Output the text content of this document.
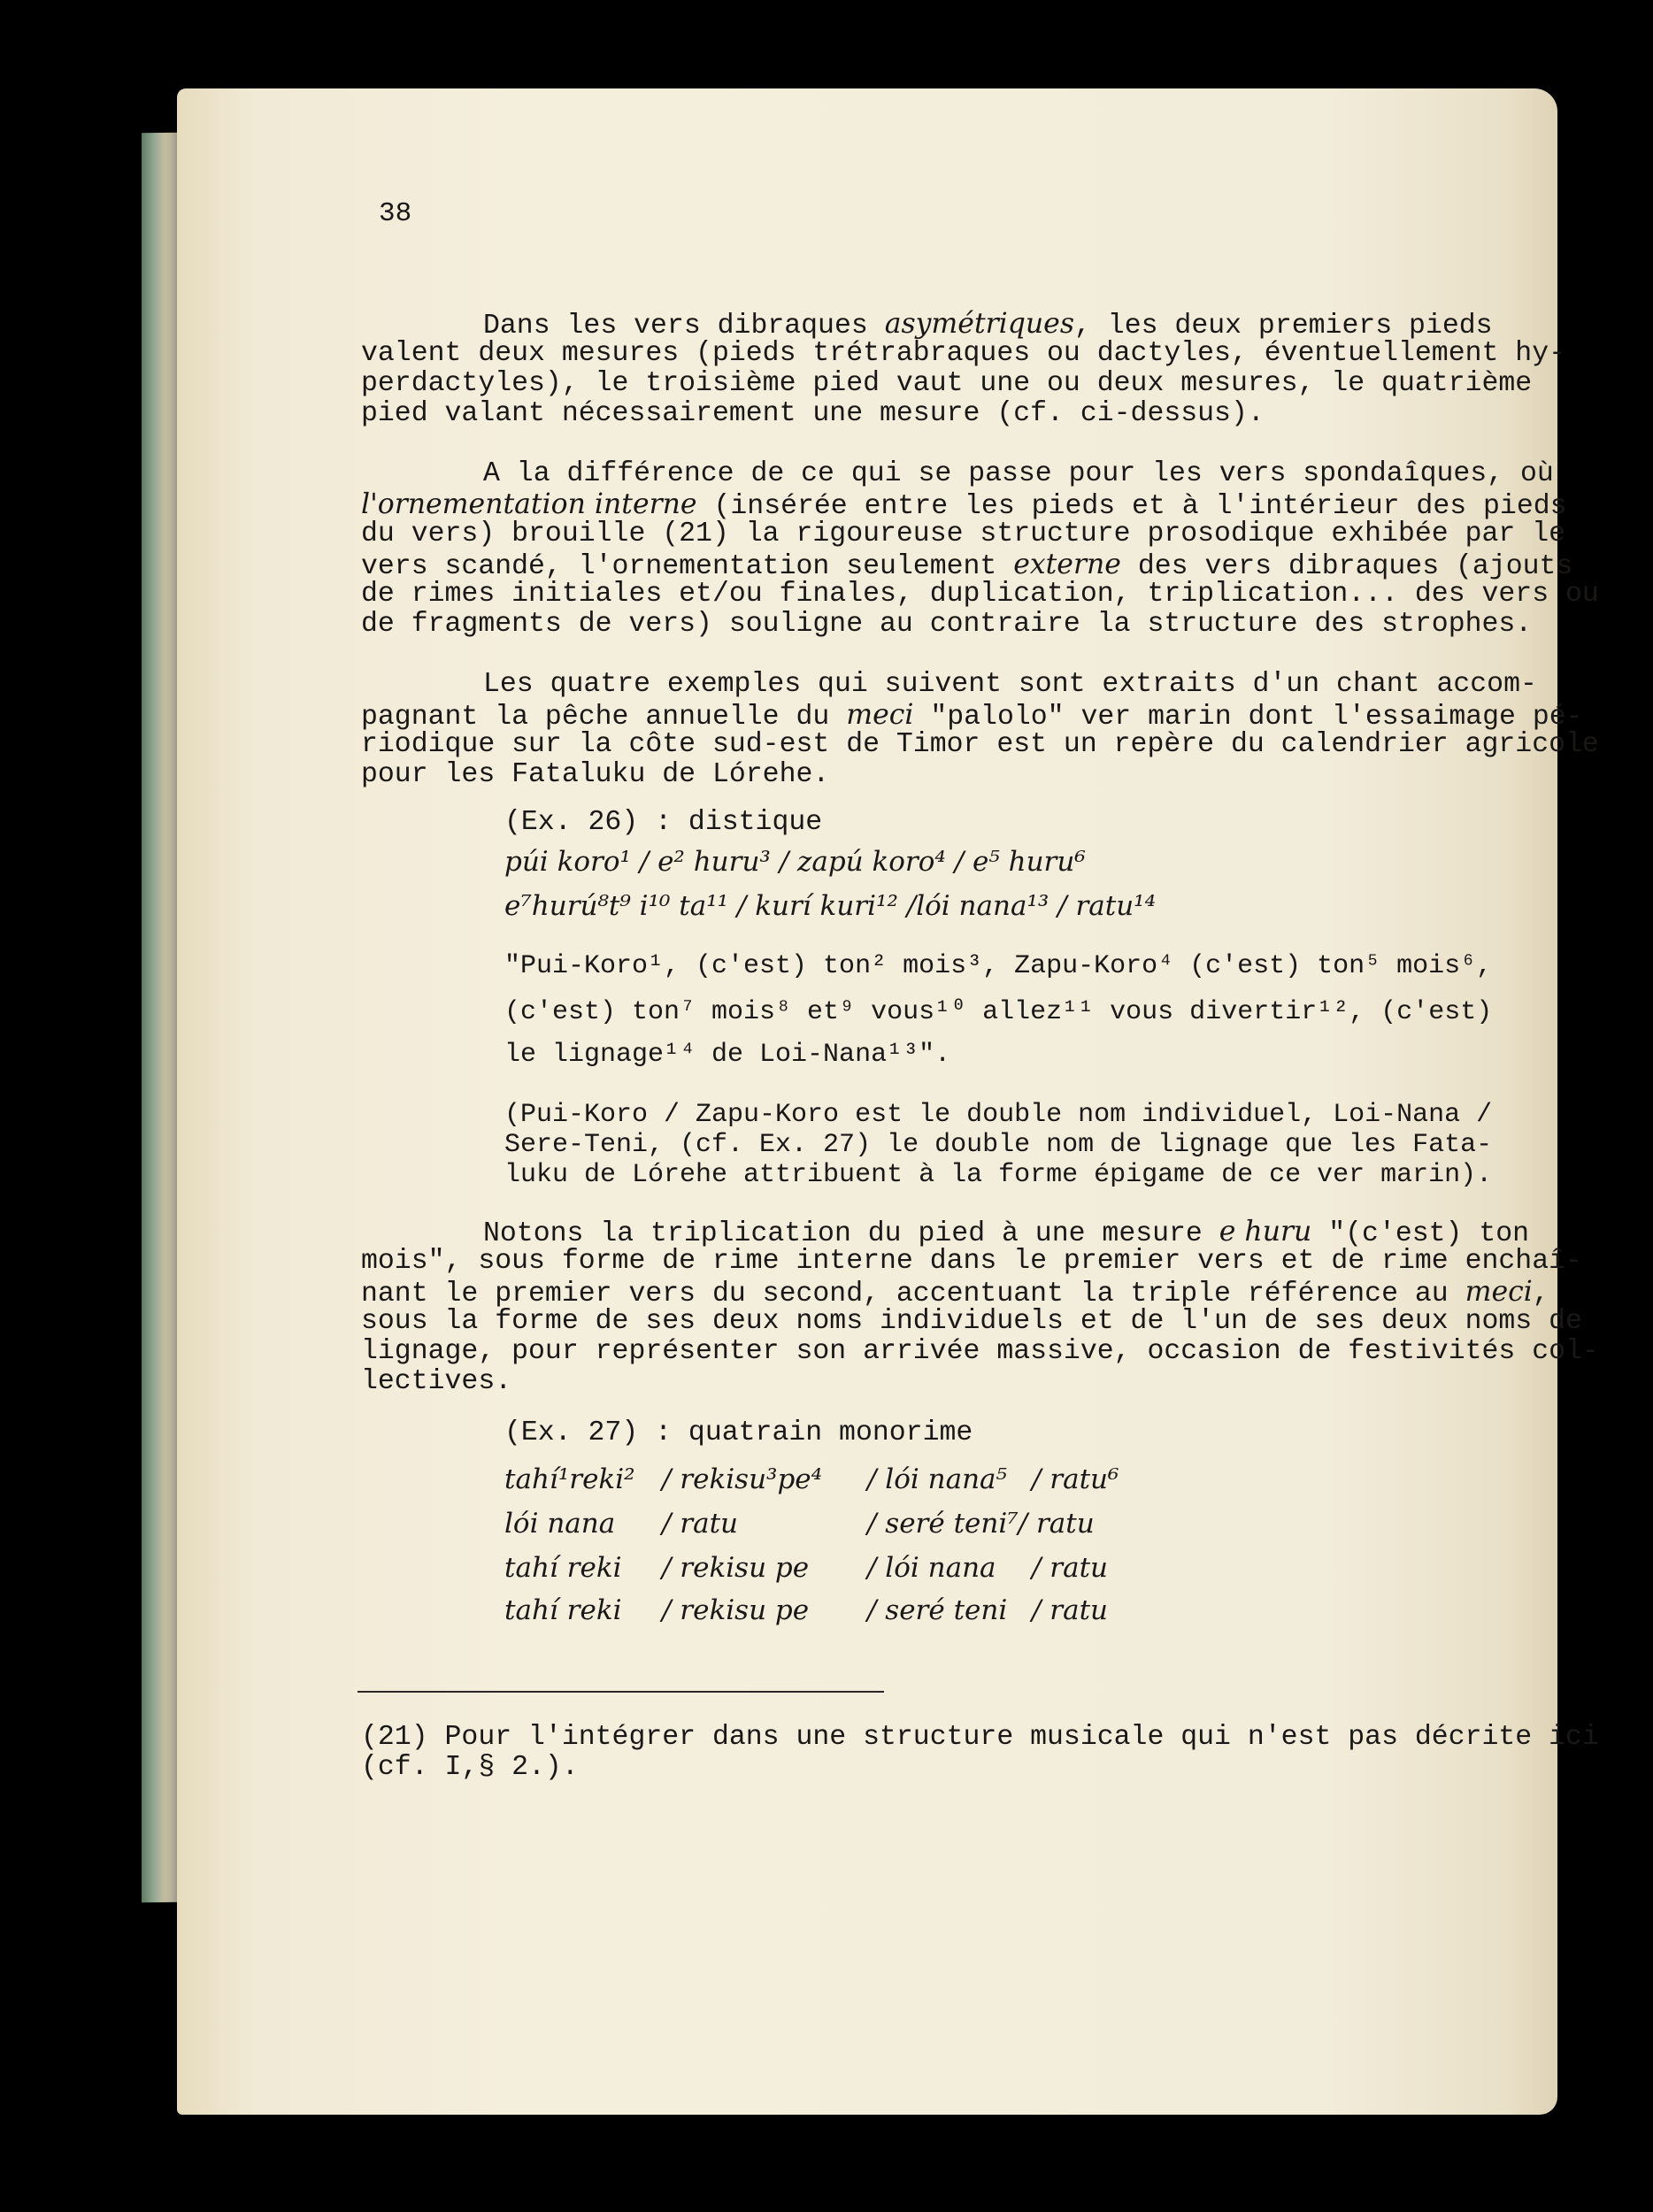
38
Dans les vers dibraques asymétriques, les deux premiers pieds
valent deux mesures (pieds trétrabraques ou dactyles, éventuellement hy-
perdactyles), le troisième pied vaut une ou deux mesures, le quatrième
pied valant nécessairement une mesure (cf. ci-dessus).
A la différence de ce qui se passe pour les vers spondaîques, où
l'ornementation interne (insérée entre les pieds et à l'intérieur des pieds
du vers) brouille (21) la rigoureuse structure prosodique exhibée par le
vers scandé, l'ornementation seulement externe des vers dibraques (ajouts
de rimes initiales et/ou finales, duplication, triplication... des vers ou
de fragments de vers) souligne au contraire la structure des strophes.
Les quatre exemples qui suivent sont extraits d'un chant accom-
pagnant la pêche annuelle du meci "palolo" ver marin dont l'essaimage pé-
riodique sur la côte sud-est de Timor est un repère du calendrier agricole
pour les Fataluku de Lórehe.
(Ex. 26) : distique
púi koro¹ / e² huru³ / zapú koro⁴ / e⁵ huru⁶
e⁷hurú⁸t⁹ i¹⁰ ta¹¹ / kurí kuri¹² /lói nana¹³ / ratu¹⁴
"Pui-Koro¹, (c'est) ton² mois³, Zapu-Koro⁴ (c'est) ton⁵ mois⁶,
(c'est) ton⁷ mois⁸ et⁹ vous¹⁰ allez¹¹ vous divertir¹², (c'est)
le lignage¹⁴ de Loi-Nana¹³".
(Pui-Koro / Zapu-Koro est le double nom individuel, Loi-Nana /
Sere-Teni, (cf. Ex. 27) le double nom de lignage que les Fata-
luku de Lórehe attribuent à la forme épigame de ce ver marin).
Notons la triplication du pied à une mesure e huru "(c'est) ton
mois", sous forme de rime interne dans le premier vers et de rime enchaî-
nant le premier vers du second, accentuant la triple référence au meci,
sous la forme de ses deux noms individuels et de l'un de ses deux noms de
lignage, pour représenter son arrivée massive, occasion de festivités col-
lectives.
(Ex. 27) : quatrain monorime
tahí¹reki² / rekisu³pe⁴ / lói nana⁵ / ratu⁶
lói nana / ratu	/ seré teni⁷/ ratu
tahí reki / rekisu pe / lói nana / ratu
tahí reki / rekisu pe / seré teni / ratu
(21) Pour l'intégrer dans une structure musicale qui n'est pas décrite ici
(cf. I,§ 2.).
